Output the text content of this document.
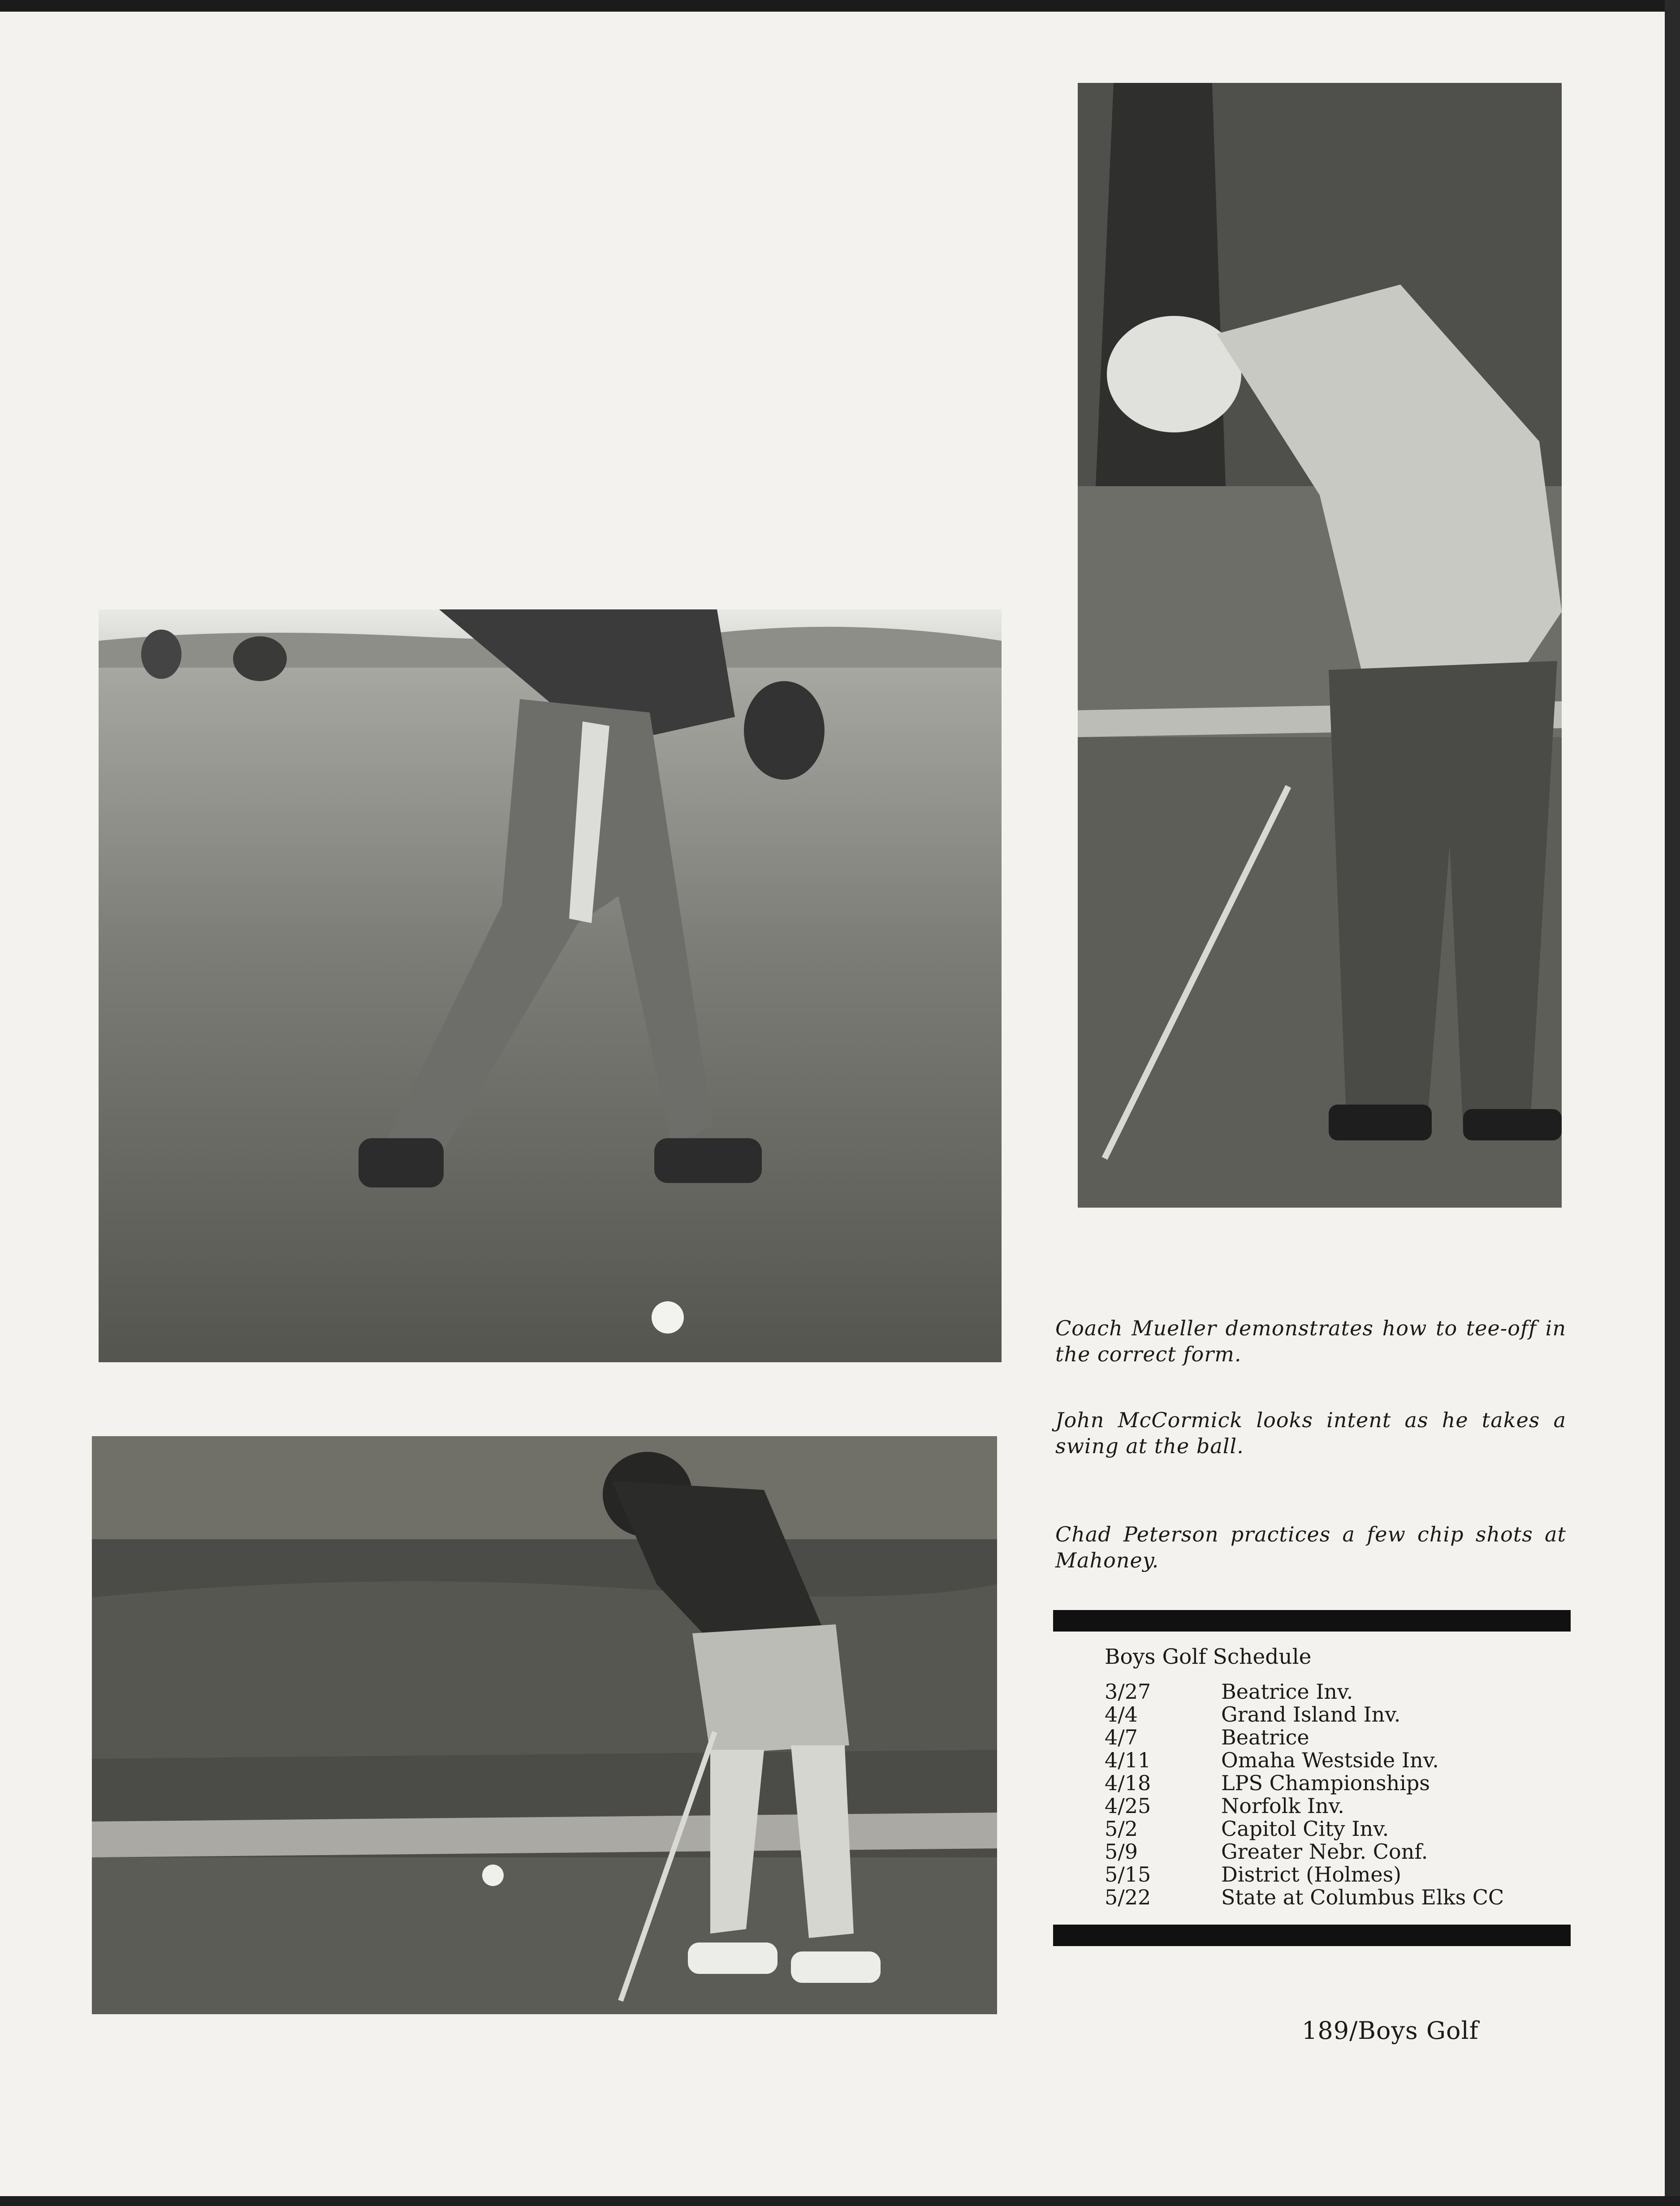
Coach Mueller demonstrates how to tee-off in the correct form.

John McCormick looks intent as he takes a swing at the ball.

Chad Peterson practices a few chip shots at Mahoney.

Boys Golf Schedule
3/27	Beatrice Inv.
4/4	Grand Island Inv.
4/7	Beatrice
4/11	Omaha Westside Inv.
4/18	LPS Championships
4/25	Norfolk Inv.
5/2	Capitol City Inv.
5/9	Greater Nebr. Conf.
5/15	District (Holmes)
5/22	State at Columbus Elks CC

189/Boys Golf
